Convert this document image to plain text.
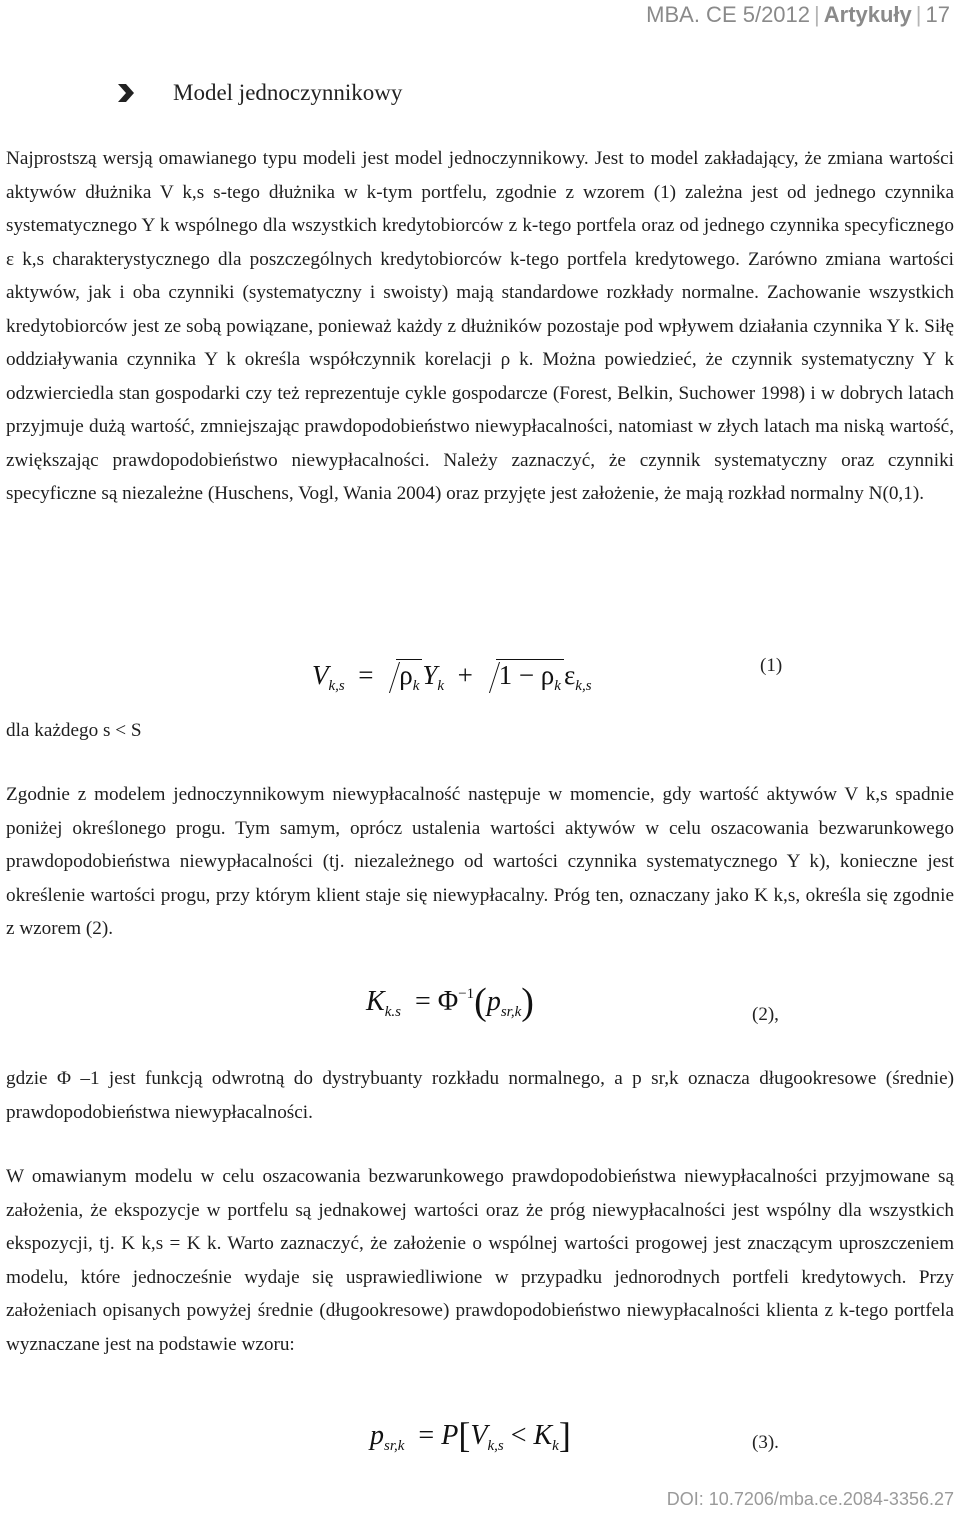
MBA. CE 5/2012 | Artykuły | 17
Model jednoczynnikowy
Najprostszą wersją omawianego typu modeli jest model jednoczynnikowy. Jest to model zakładający, że zmiana wartości aktywów dłużnika V k,s s-tego dłużnika w k-tym portfelu, zgodnie z wzorem (1) zależna jest od jednego czynnika systematycznego Y k wspólnego dla wszystkich kredytobiorców z k-tego portfela oraz od jednego czynnika specyficznego ε k,s charakterystycznego dla poszczególnych kredytobiorców k-tego portfela kredytowego. Zarówno zmiana wartości aktywów, jak i oba czynniki (systematyczny i swoisty) mają standardowe rozkłady normalne. Zachowanie wszystkich kredytobiorców jest ze sobą powiązane, ponieważ każdy z dłużników pozostaje pod wpływem działania czynnika Y k. Siłę oddziaływania czynnika Y k określa współczynnik korelacji ρ k. Można powiedzieć, że czynnik systematyczny Y k odzwierciedla stan gospodarki czy też reprezentuje cykle gospodarcze (Forest, Belkin, Suchower 1998) i w dobrych latach przyjmuje dużą wartość, zmniejszając prawdopodobieństwo niewypłacalności, natomiast w złych latach ma niską wartość, zwiększając prawdopodobieństwo niewypłacalności. Należy zaznaczyć, że czynnik systematyczny oraz czynniki specyficzne są niezależne (Huschens, Vogl, Wania 2004) oraz przyjęte jest założenie, że mają rozkład normalny N(0,1).
$V_{k,s} = \rho_k$ $Y_k + 1 - \rho_k$ $\varepsilon_{k,s}$
(1)
dla każdego s < S
Zgodnie z modelem jednoczynnikowym niewypłacalność następuje w momencie, gdy wartość aktywów V k,s spadnie poniżej określonego progu. Tym samym, oprócz ustalenia wartości aktywów w celu oszacowania bezwarunkowego prawdopodobieństwa niewypłacalności (tj. niezależnego od wartości czynnika systematycznego Y k), konieczne jest określenie wartości progu, przy którym klient staje się niewypłacalny. Próg ten, oznaczany jako K k,s, określa się zgodnie z wzorem (2).
$K_{k.s} = \Phi^{-1}(p_{sr,k})$	(2),
gdzie Φ –1 jest funkcją odwrotną do dystrybuanty rozkładu normalnego, a p sr,k oznacza długookresowe (średnie) prawdopodobieństwa niewypłacalności.
W omawianym modelu w celu oszacowania bezwarunkowego prawdopodobieństwa niewypłacalności przyjmowane są założenia, że ekspozycje w portfelu są jednakowej wartości oraz że próg niewypłacalności jest wspólny dla wszystkich ekspozycji, tj. K k,s = K k. Warto zaznaczyć, że założenie o wspólnej wartości progowej jest znaczącym uproszczeniem modelu, które jednocześnie wydaje się usprawiedliwione w przypadku jednorodnych portfeli kredytowych. Przy założeniach opisanych powyżej średnie (długookresowe) prawdopodobieństwo niewypłacalności klienta z k-tego portfela wyznaczane jest na podstawie wzoru:
$p_{sr,k} = P[V_{k,s} < K_k]$	(3).
DOI: 10.7206/mba.ce.2084-3356.27
